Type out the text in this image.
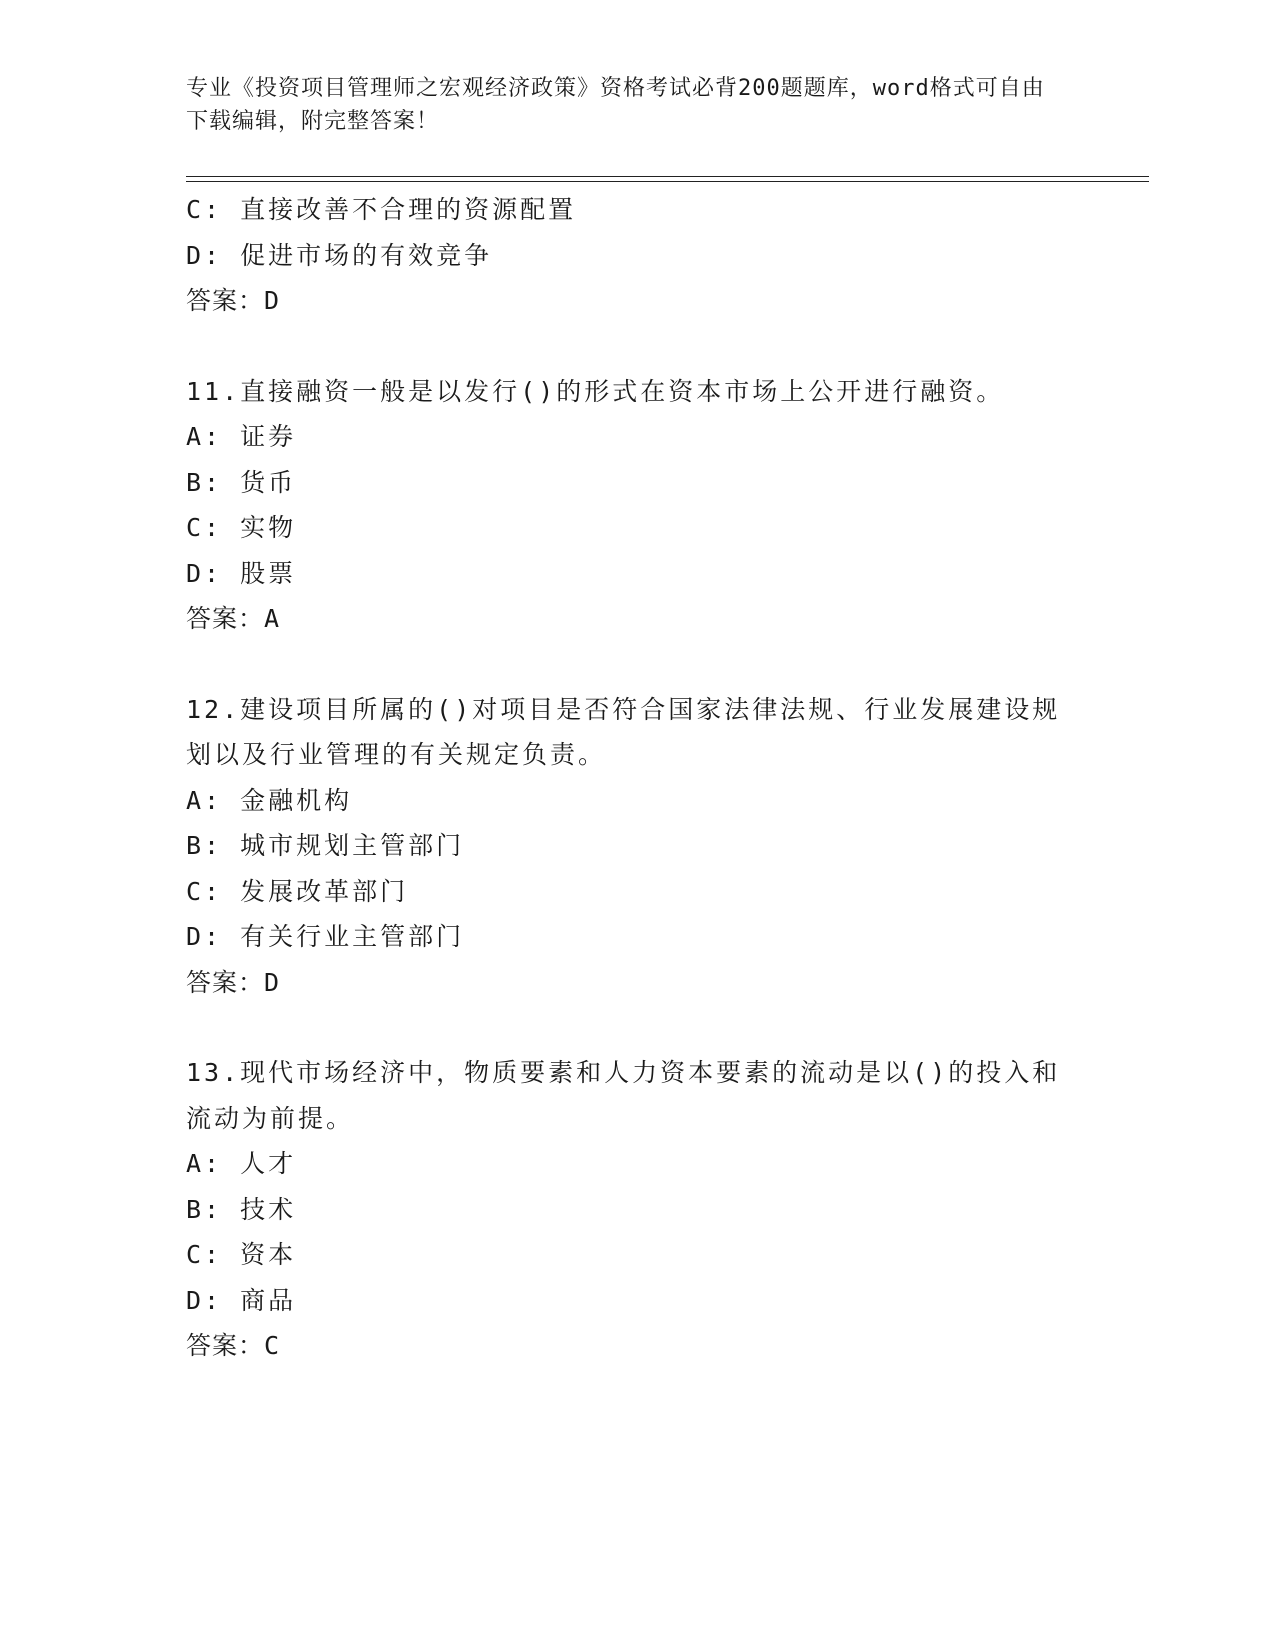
专业《投资项目管理师之宏观经济政策》资格考试必背200题题库，word格式可自由下载编辑，附完整答案！
C: 直接改善不合理的资源配置
D: 促进市场的有效竞争
答案：D
11.直接融资一般是以发行()的形式在资本市场上公开进行融资。
A: 证券
B: 货币
C: 实物
D: 股票
答案：A
12.建设项目所属的()对项目是否符合国家法律法规、行业发展建设规划以及行业管理的有关规定负责。
A: 金融机构
B: 城市规划主管部门
C: 发展改革部门
D: 有关行业主管部门
答案：D
13.现代市场经济中，物质要素和人力资本要素的流动是以()的投入和流动为前提。
A: 人才
B: 技术
C: 资本
D: 商品
答案：C
